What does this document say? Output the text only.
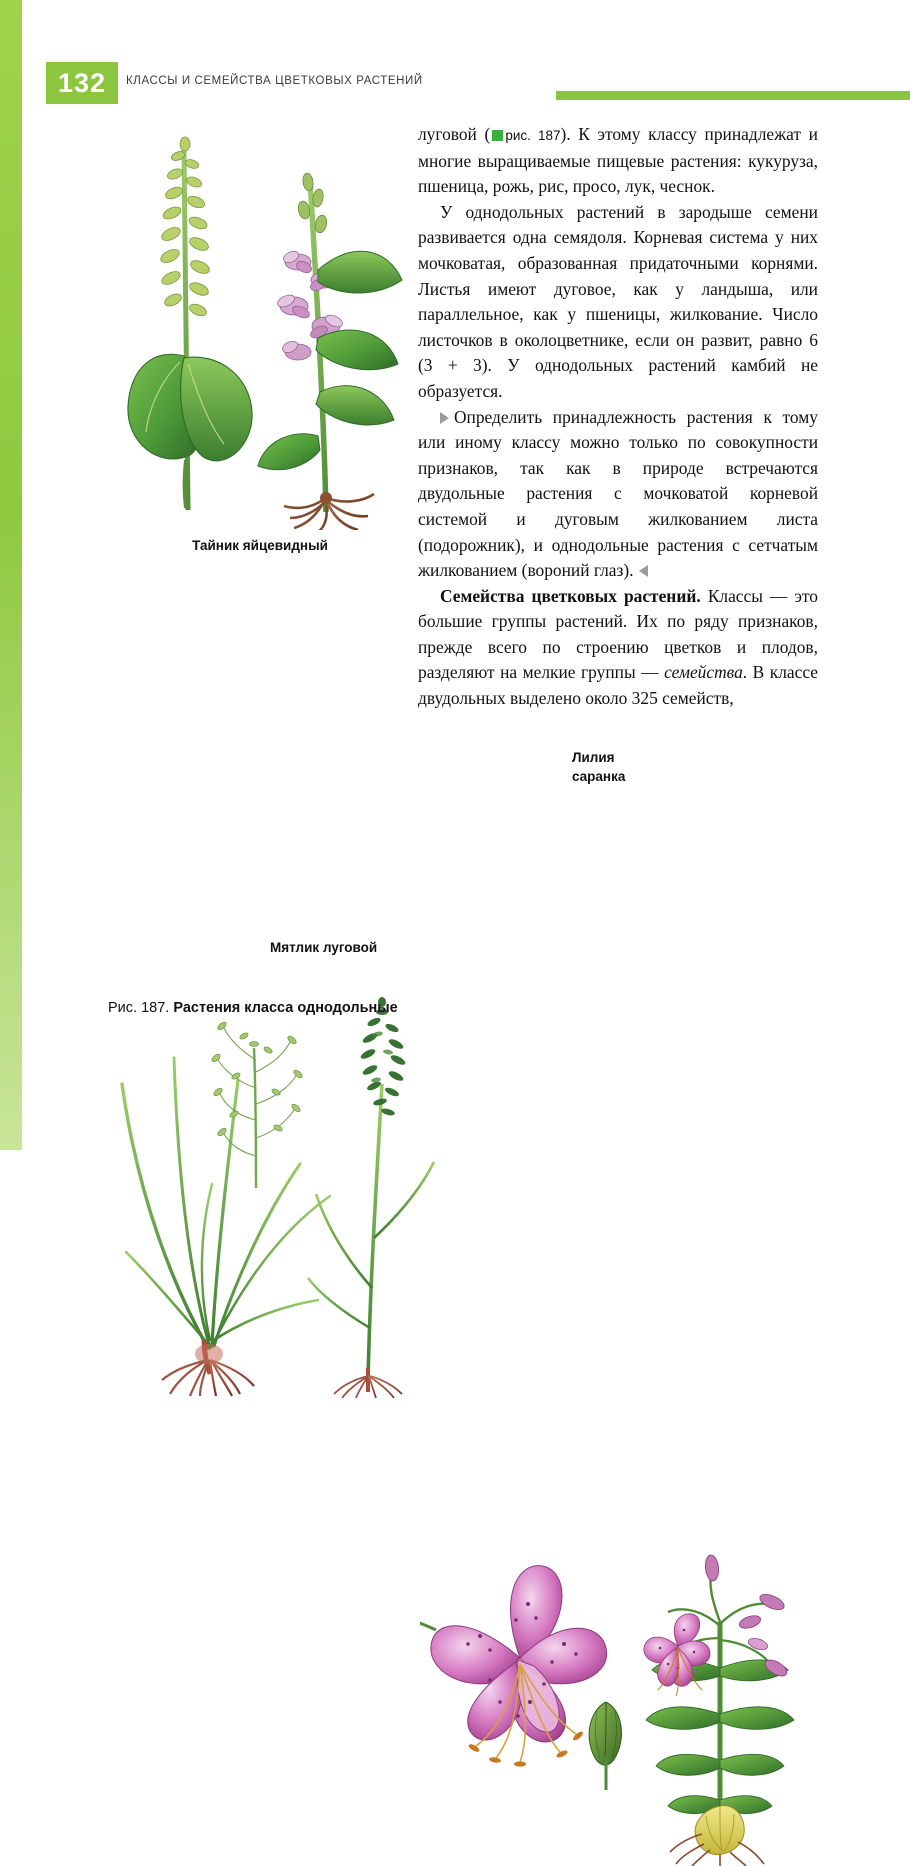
132	КЛАССЫ И СЕМЕЙСТВА ЦВЕТКОВЫХ РАСТЕНИЙ

луговой ( рис. 187). К этому классу принадлежат и многие выращиваемые пищевые растения: кукуруза, пшеница, рожь, рис, просо, лук, чеснок.

У однодольных растений в зародыше семени развивается одна семядоля. Корневая система у них мочковатая, образованная придаточными корнями. Листья имеют дуговое, как у ландыша, или параллельное, как у пшеницы, жилкование. Число листочков в околоцветнике, если он развит, равно 6 (3 + 3). У однодольных растений камбий не образуется.

Определить принадлежность растения к тому или иному классу можно только по совокупности признаков, так как в природе встречаются двудольные растения с мочковатой корневой системой и дуговым жилкованием листа (подорожник), и однодольные растения с сетчатым жилкованием (вороний глаз).

Семейства цветковых растений. Классы — это большие группы растений. Их по ряду признаков, прежде всего по строению цветков и плодов, разделяют на мелкие группы — семейства. В классе двудольных выделено около 325 семейств,

Тайник яйцевидный
Мятлик луговой
Лилия
саранка
Рис. 187. Растения класса однодольные
